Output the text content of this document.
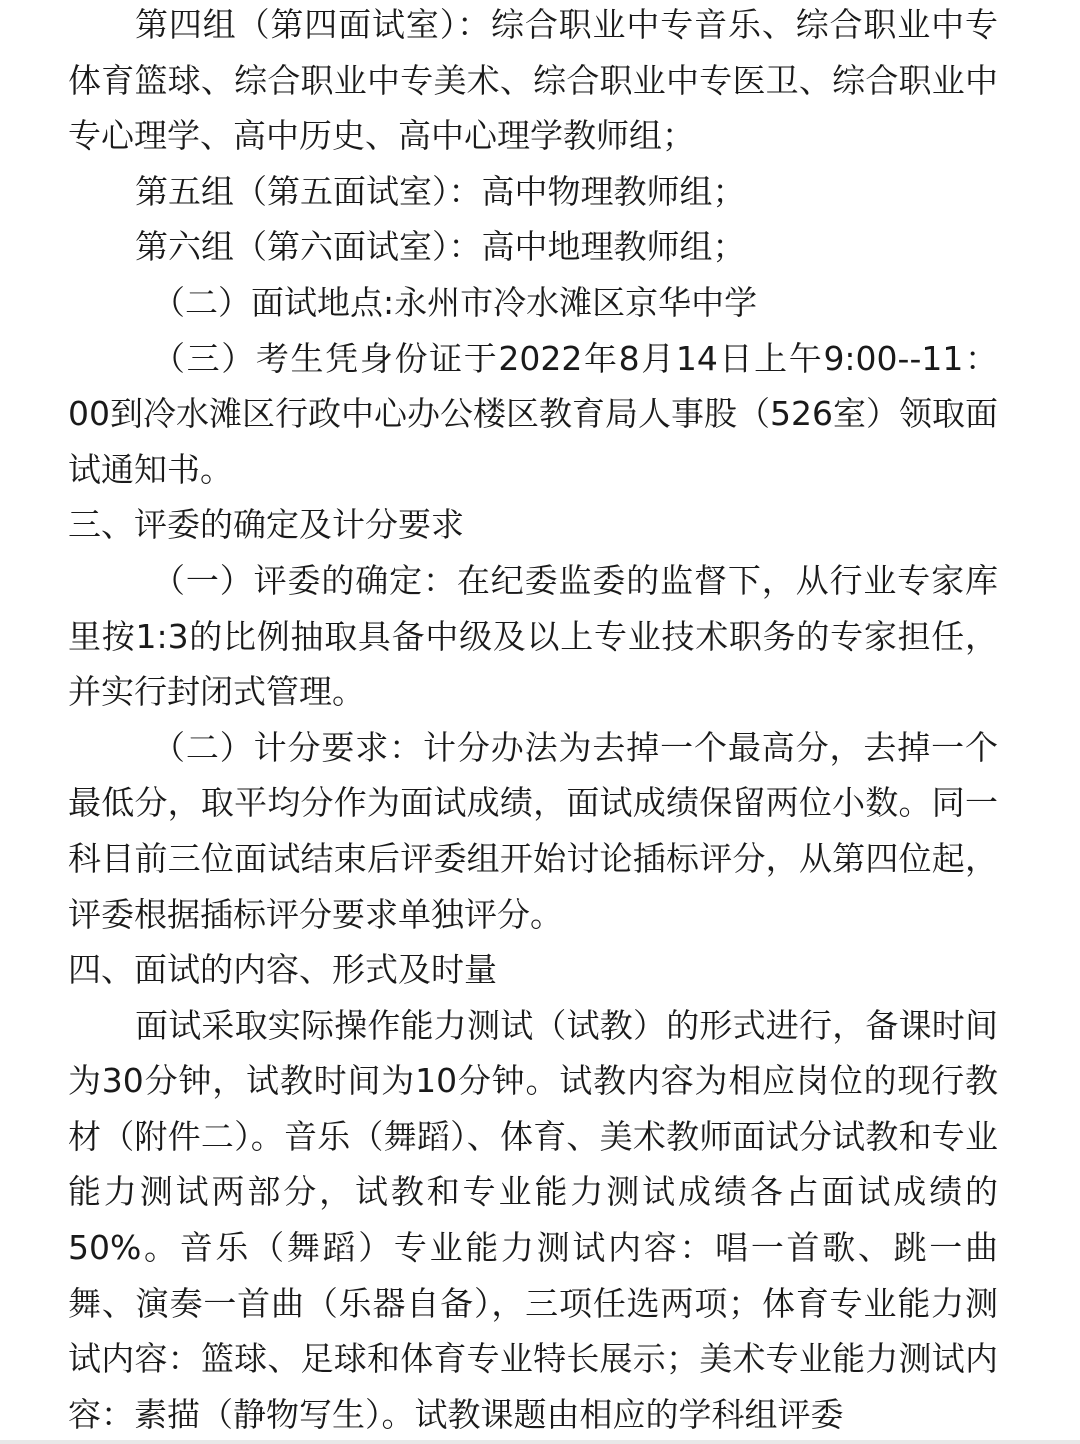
第四组（第四面试室）：综合职业中专音乐、综合职业中专体育篮球、综合职业中专美术、综合职业中专医卫、综合职业中专心理学、高中历史、高中心理学教师组；

第五组（第五面试室）：高中物理教师组；

第六组（第六面试室）：高中地理教师组；

（二）面试地点:永州市冷水滩区京华中学

（三）考生凭身份证于2022年8月14日上午9:00--11：00到冷水滩区行政中心办公楼区教育局人事股（526室）领取面试通知书。

三、评委的确定及计分要求

（一）评委的确定：在纪委监委的监督下，从行业专家库里按1:3的比例抽取具备中级及以上专业技术职务的专家担任，并实行封闭式管理。

（二）计分要求：计分办法为去掉一个最高分，去掉一个最低分，取平均分作为面试成绩，面试成绩保留两位小数。同一科目前三位面试结束后评委组开始讨论插标评分，从第四位起，评委根据插标评分要求单独评分。

四、面试的内容、形式及时量

面试采取实际操作能力测试（试教）的形式进行，备课时间为30分钟，试教时间为10分钟。试教内容为相应岗位的现行教材（附件二）。音乐（舞蹈）、体育、美术教师面试分试教和专业能力测试两部分，试教和专业能力测试成绩各占面试成绩的50%。音乐（舞蹈）专业能力测试内容：唱一首歌、跳一曲舞、演奏一首曲（乐器自备），三项任选两项；体育专业能力测试内容：篮球、足球和体育专业特长展示；美术专业能力测试内容：素描（静物写生）。试教课题由相应的学科组评委
